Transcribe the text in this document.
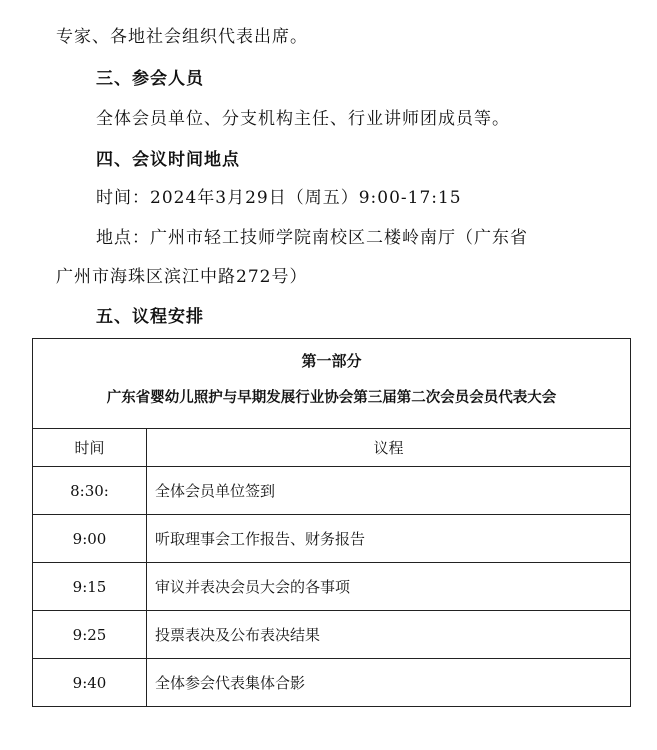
专家、各地社会组织代表出席。
三、参会人员
全体会员单位、分支机构主任、行业讲师团成员等。
四、会议时间地点
时间：2024年3月29日（周五）9:00-17:15
地点：广州市轻工技师学院南校区二楼岭南厅（广东省
广州市海珠区滨江中路272号）
五、议程安排
第一部分
广东省婴幼儿照护与早期发展行业协会第三届第二次会员会员代表大会	

时间	议程
8:30:	全体会员单位签到
9:00	听取理事会工作报告、财务报告
9:15	审议并表决会员大会的各事项
9:25	投票表决及公布表决结果
9:40	全体参会代表集体合影
